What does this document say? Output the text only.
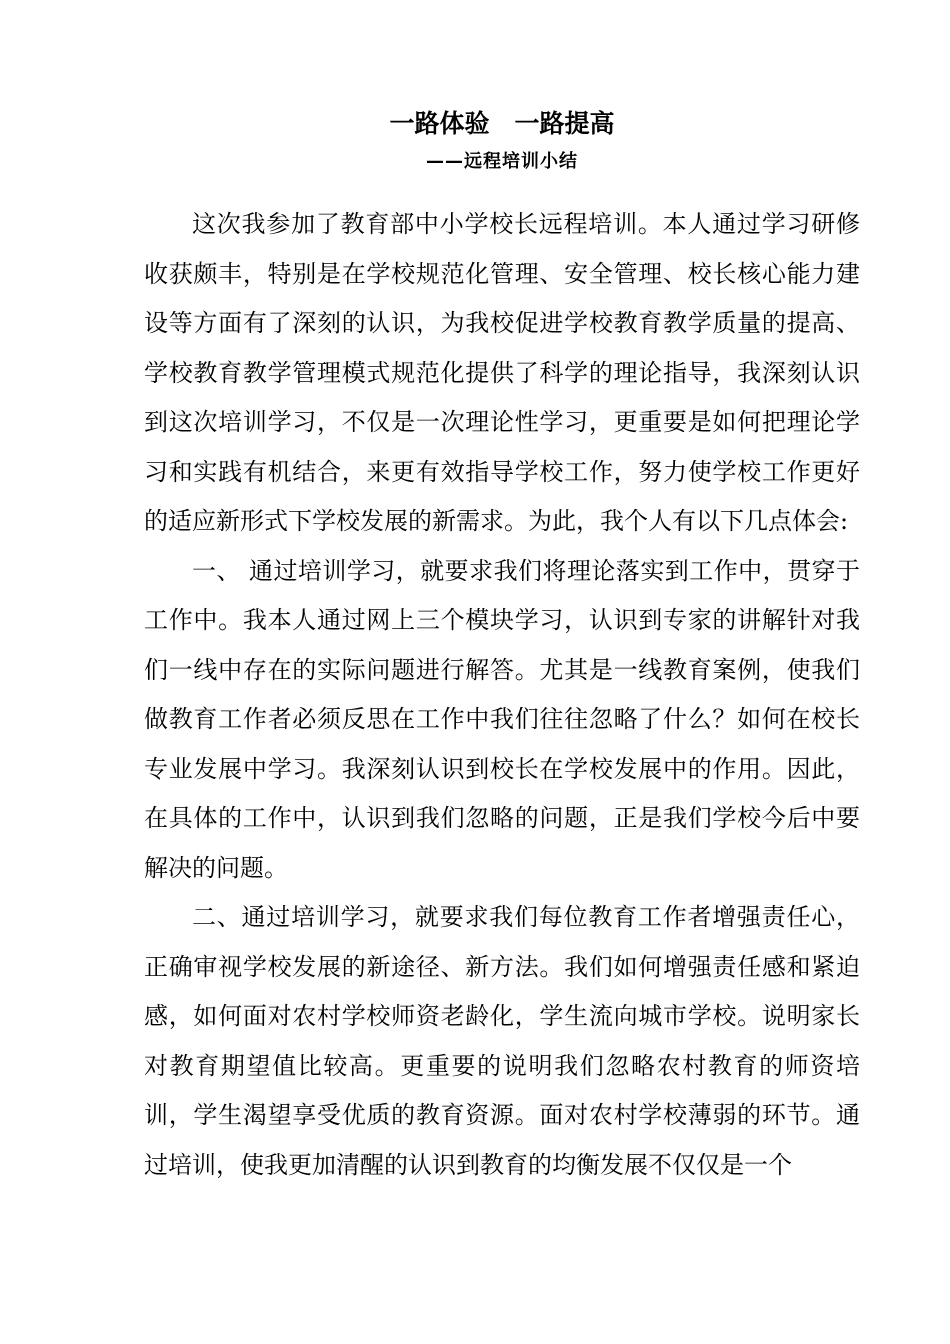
一路体验　一路提高
——远程培训小结

这次我参加了教育部中小学校长远程培训。本人通过学习研修收获颇丰，特别是在学校规范化管理、安全管理、校长核心能力建设等方面有了深刻的认识，为我校促进学校教育教学质量的提高、学校教育教学管理模式规范化提供了科学的理论指导，我深刻认识到这次培训学习，不仅是一次理论性学习，更重要是如何把理论学习和实践有机结合，来更有效指导学校工作，努力使学校工作更好的适应新形式下学校发展的新需求。为此，我个人有以下几点体会:

一、 通过培训学习，就要求我们将理论落实到工作中，贯穿于工作中。我本人通过网上三个模块学习，认识到专家的讲解针对我们一线中存在的实际问题进行解答。尤其是一线教育案例，使我们做教育工作者必须反思在工作中我们往往忽略了什么？如何在校长专业发展中学习。我深刻认识到校长在学校发展中的作用。因此，在具体的工作中，认识到我们忽略的问题，正是我们学校今后中要解决的问题。

二、通过培训学习，就要求我们每位教育工作者增强责任心，正确审视学校发展的新途径、新方法。我们如何增强责任感和紧迫感，如何面对农村学校师资老龄化，学生流向城市学校。说明家长对教育期望值比较高。更重要的说明我们忽略农村教育的师资培训，学生渴望享受优质的教育资源。面对农村学校薄弱的环节。通过培训，使我更加清醒的认识到教育的均衡发展不仅仅是一个
